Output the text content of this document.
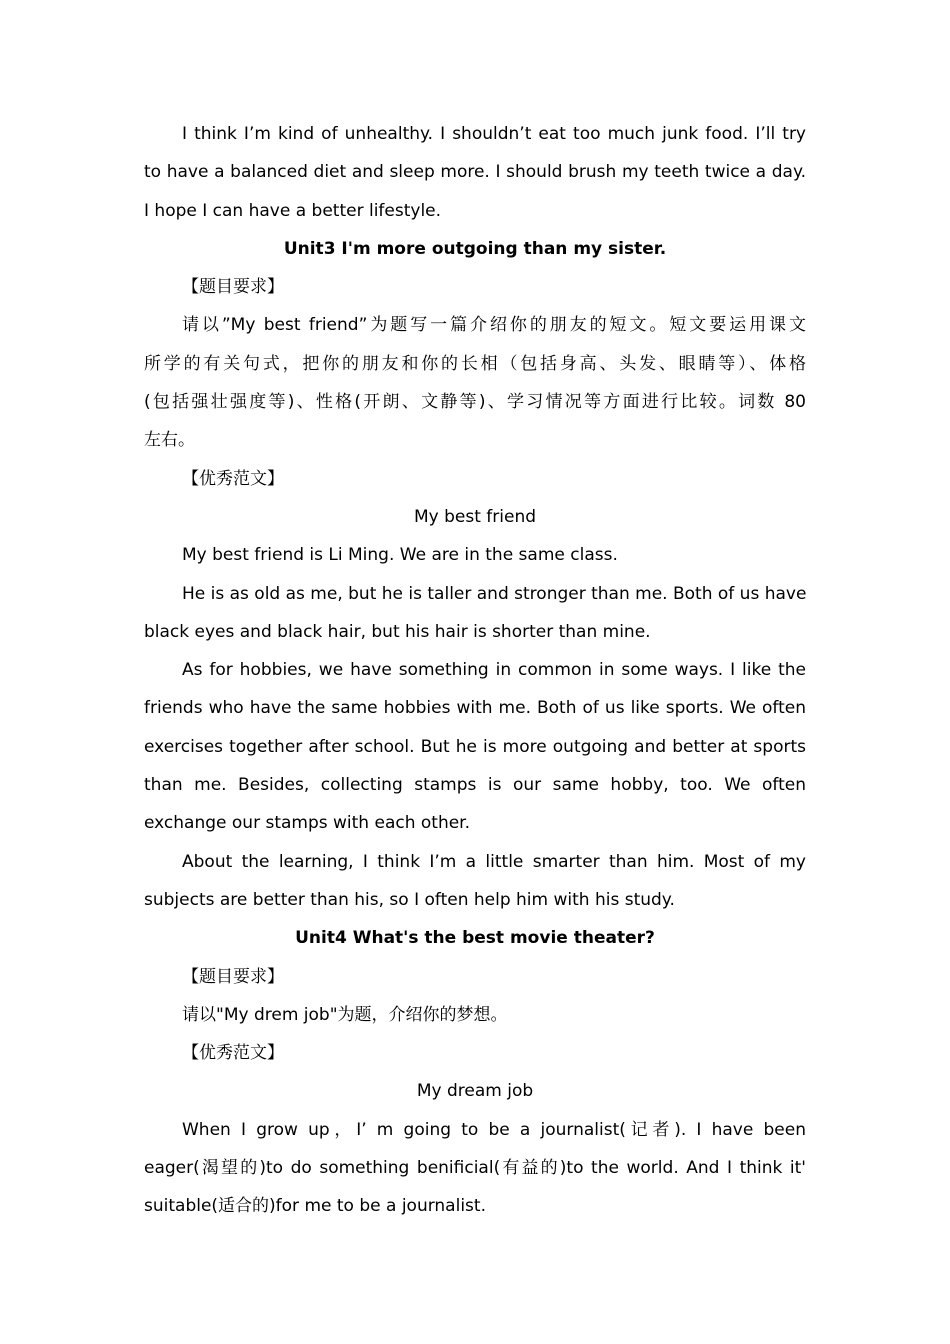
I think I’m kind of unhealthy. I shouldn’t eat too much junk food. I’ll try
to have a balanced diet and sleep more. I should brush my teeth twice a day.
I hope I can have a better lifestyle.
Unit3 I'm more outgoing than my sister.
【题目要求】
请以”My best friend”为题写一篇介绍你的朋友的短文。短文要运用课文
所学的有关句式，把你的朋友和你的长相（包括身高、头发、眼睛等）、体格
(包括强壮强度等)、性格(开朗、文静等)、学习情况等方面进行比较。词数 80
左右。
【优秀范文】
My best friend
My best friend is Li Ming. We are in the same class.
He is as old as me, but he is taller and stronger than me. Both of us have
black eyes and black hair, but his hair is shorter than mine.
As for hobbies, we have something in common in some ways. I like the
friends who have the same hobbies with me. Both of us like sports. We often
exercises together after school. But he is more outgoing and better at sports
than me. Besides, collecting stamps is our same hobby, too. We often
exchange our stamps with each other.
About the learning, I think I’m a little smarter than him. Most of my
subjects are better than his, so I often help him with his study.
Unit4 What's the best movie theater?
【题目要求】
请以"My drem job"为题，介绍你的梦想。
【优秀范文】
My dream job
When I grow up，I’ m going to be a journalist(记者). I have been
eager(渴望的)to do something benificial(有益的)to the world. And I think it'
suitable(适合的)for me to be a journalist.
